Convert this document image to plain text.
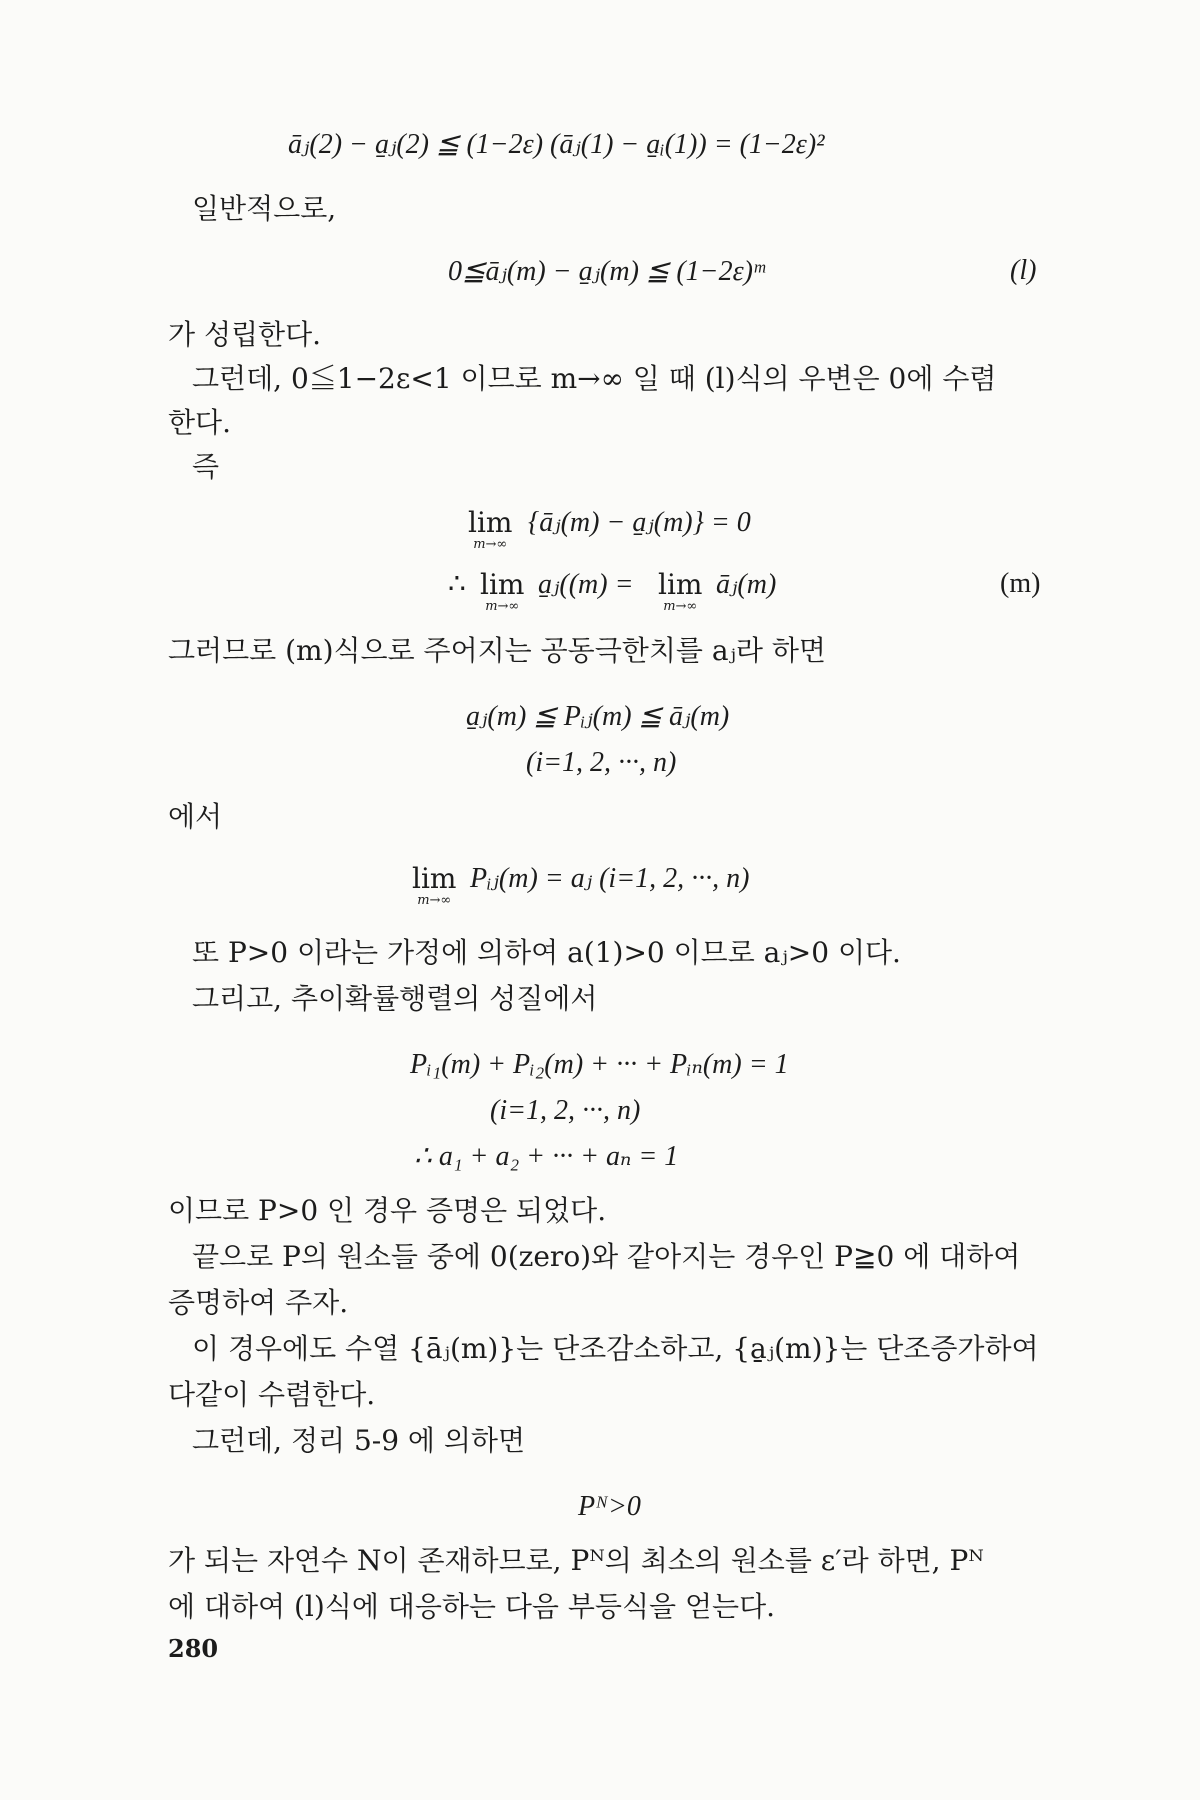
āⱼ(2) − a̱ⱼ(2) ≦ (1−2ε) (āⱼ(1) − a̱ᵢ(1)) = (1−2ε)²
일반적으로,
0≦āⱼ(m) − a̱ⱼ(m) ≦ (1−2ε)ᵐ	(l)
가 성립한다.
그런데, 0≦1−2ε<1 이므로 m→∞ 일 때 (l)식의 우변은 0에 수렴
한다.
즉
lim
m→∞
{āⱼ(m) − a̱ⱼ(m)} = 0
∴ lim
m→∞
a̱ⱼ((m) = lim
m→∞
āⱼ(m)	(m)
그러므로 (m)식으로 주어지는 공동극한치를 aⱼ라 하면
a̱ⱼ(m) ≦ Pᵢⱼ(m) ≦ āⱼ(m)
(i=1, 2, ···, n)
에서
lim
m→∞
Pᵢⱼ(m) = aⱼ (i=1, 2, ···, n)
또 P>0 이라는 가정에 의하여 a(1)>0 이므로 aⱼ>0 이다.
그리고, 추이확률행렬의 성질에서
Pᵢ₁(m) + Pᵢ₂(m) + ··· + Pᵢₙ(m) = 1
(i=1, 2, ···, n)
∴ a₁ + a₂ + ··· + aₙ = 1
이므로 P>0 인 경우 증명은 되었다.
끝으로 P의 원소들 중에 0(zero)와 같아지는 경우인 P≧0 에 대하여
증명하여 주자.
이 경우에도 수열 {āⱼ(m)}는 단조감소하고, {a̱ⱼ(m)}는 단조증가하여
다같이 수렴한다.
그런데, 정리 5-9 에 의하면
Pᴺ>0
가 되는 자연수 N이 존재하므로, Pᴺ의 최소의 원소를 ε′라 하면, Pᴺ
에 대하여 (l)식에 대응하는 다음 부등식을 얻는다.
280
